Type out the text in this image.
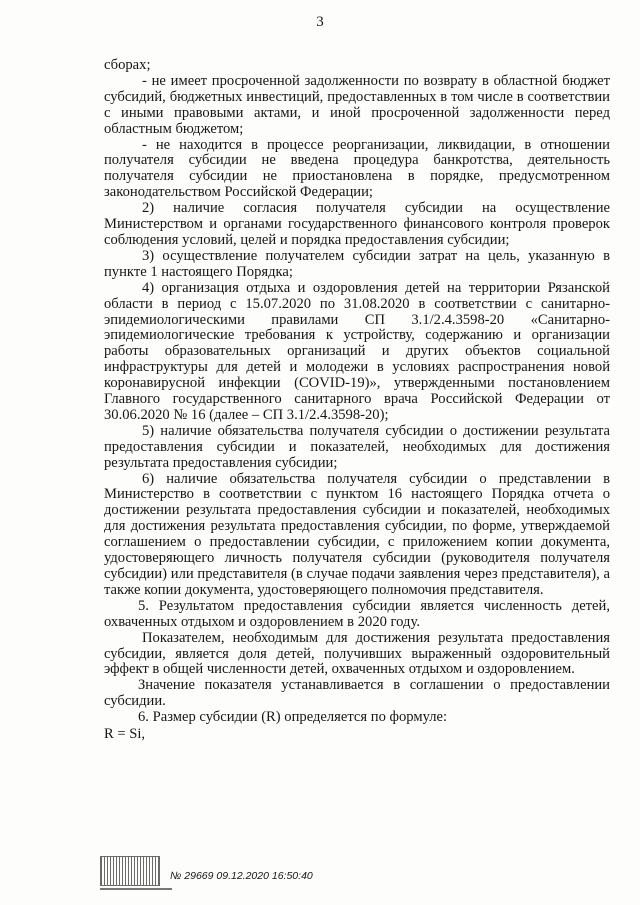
3

сборах;

- не имеет просроченной задолженности по возврату в областной бюджет субсидий, бюджетных инвестиций, предоставленных в том числе в соответствии с иными правовыми актами, и иной просроченной задолженности перед областным бюджетом;

- не находится в процессе реорганизации, ликвидации, в отношении получателя субсидии не введена процедура банкротства, деятельность получателя субсидии не приостановлена в порядке, предусмотренном законодательством Российской Федерации;

2) наличие согласия получателя субсидии на осуществление Министерством и органами государственного финансового контроля проверок соблюдения условий, целей и порядка предоставления субсидии;

3) осуществление получателем субсидии затрат на цель, указанную в пункте 1 настоящего Порядка;

4) организация отдыха и оздоровления детей на территории Рязанской области в период с 15.07.2020 по 31.08.2020 в соответствии с санитарно-эпидемиологическими правилами СП 3.1/2.4.3598-20 «Санитарно-эпидемиологические требования к устройству, содержанию и организации работы образовательных организаций и других объектов социальной инфраструктуры для детей и молодежи в условиях распространения новой коронавирусной инфекции (COVID-19)», утвержденными постановлением Главного государственного санитарного врача Российской Федерации от 30.06.2020 № 16 (далее – СП 3.1/2.4.3598-20);

5) наличие обязательства получателя субсидии о достижении результата предоставления субсидии и показателей, необходимых для достижения результата предоставления субсидии;

6) наличие обязательства получателя субсидии о представлении в Министерство в соответствии с пунктом 16 настоящего Порядка отчета о достижении результата предоставления субсидии и показателей, необходимых для достижения результата предоставления субсидии, по форме, утверждаемой соглашением о предоставлении субсидии, с приложением копии документа, удостоверяющего личность получателя субсидии (руководителя получателя субсидии) или представителя (в случае подачи заявления через представителя), а также копии документа, удостоверяющего полномочия представителя.

5. Результатом предоставления субсидии является численность детей, охваченных отдыхом и оздоровлением в 2020 году.

Показателем, необходимым для достижения результата предоставления субсидии, является доля детей, получивших выраженный оздоровительный эффект в общей численности детей, охваченных отдыхом и оздоровлением.

Значение показателя устанавливается в соглашении о предоставлении субсидии.

6. Размер субсидии (R) определяется по формуле:

R = Si,

№ 29669 09.12.2020 16:50:40
